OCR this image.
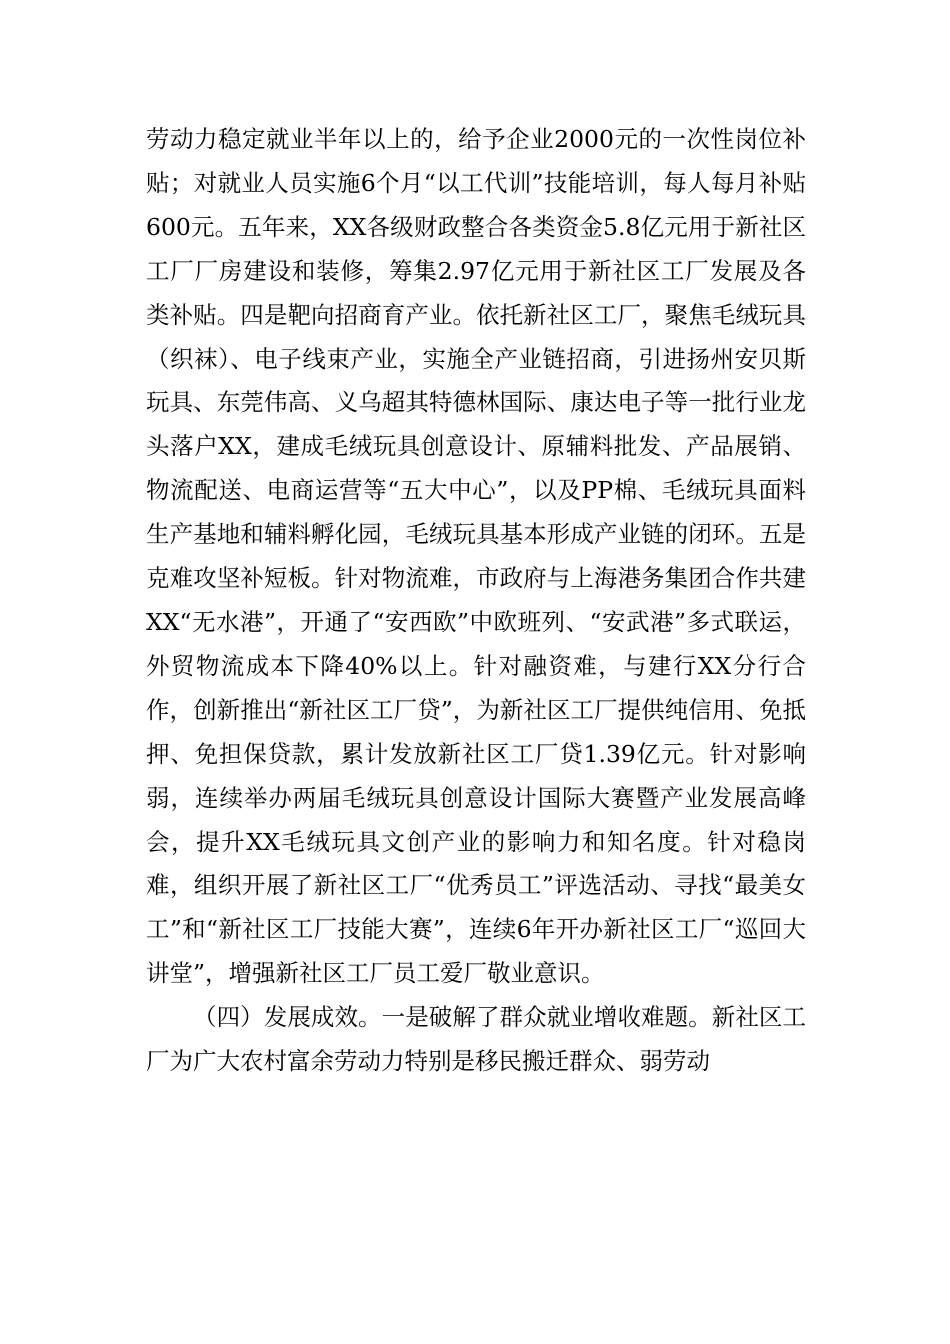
劳动力稳定就业半年以上的，给予企业2000元的一次性岗位补贴；对就业人员实施6个月“以工代训”技能培训，每人每月补贴600元。五年来，XX各级财政整合各类资金5.8亿元用于新社区工厂厂房建设和装修，筹集2.97亿元用于新社区工厂发展及各类补贴。四是靶向招商育产业。依托新社区工厂，聚焦毛绒玩具（织袜）、电子线束产业，实施全产业链招商，引进扬州安贝斯玩具、东莞伟高、义乌超其特德林国际、康达电子等一批行业龙头落户XX，建成毛绒玩具创意设计、原辅料批发、产品展销、物流配送、电商运营等“五大中心”，以及PP棉、毛绒玩具面料生产基地和辅料孵化园，毛绒玩具基本形成产业链的闭环。五是克难攻坚补短板。针对物流难，市政府与上海港务集团合作共建XX“无水港”，开通了“安西欧”中欧班列、“安武港”多式联运，外贸物流成本下降40%以上。针对融资难，与建行XX分行合作，创新推出“新社区工厂贷”，为新社区工厂提供纯信用、免抵押、免担保贷款，累计发放新社区工厂贷1.39亿元。针对影响弱，连续举办两届毛绒玩具创意设计国际大赛暨产业发展高峰会，提升XX毛绒玩具文创产业的影响力和知名度。针对稳岗难，组织开展了新社区工厂“优秀员工”评选活动、寻找“最美女工”和“新社区工厂技能大赛”，连续6年开办新社区工厂“巡回大讲堂”，增强新社区工厂员工爱厂敬业意识。

（四）发展成效。一是破解了群众就业增收难题。新社区工厂为广大农村富余劳动力特别是移民搬迁群众、弱劳动
